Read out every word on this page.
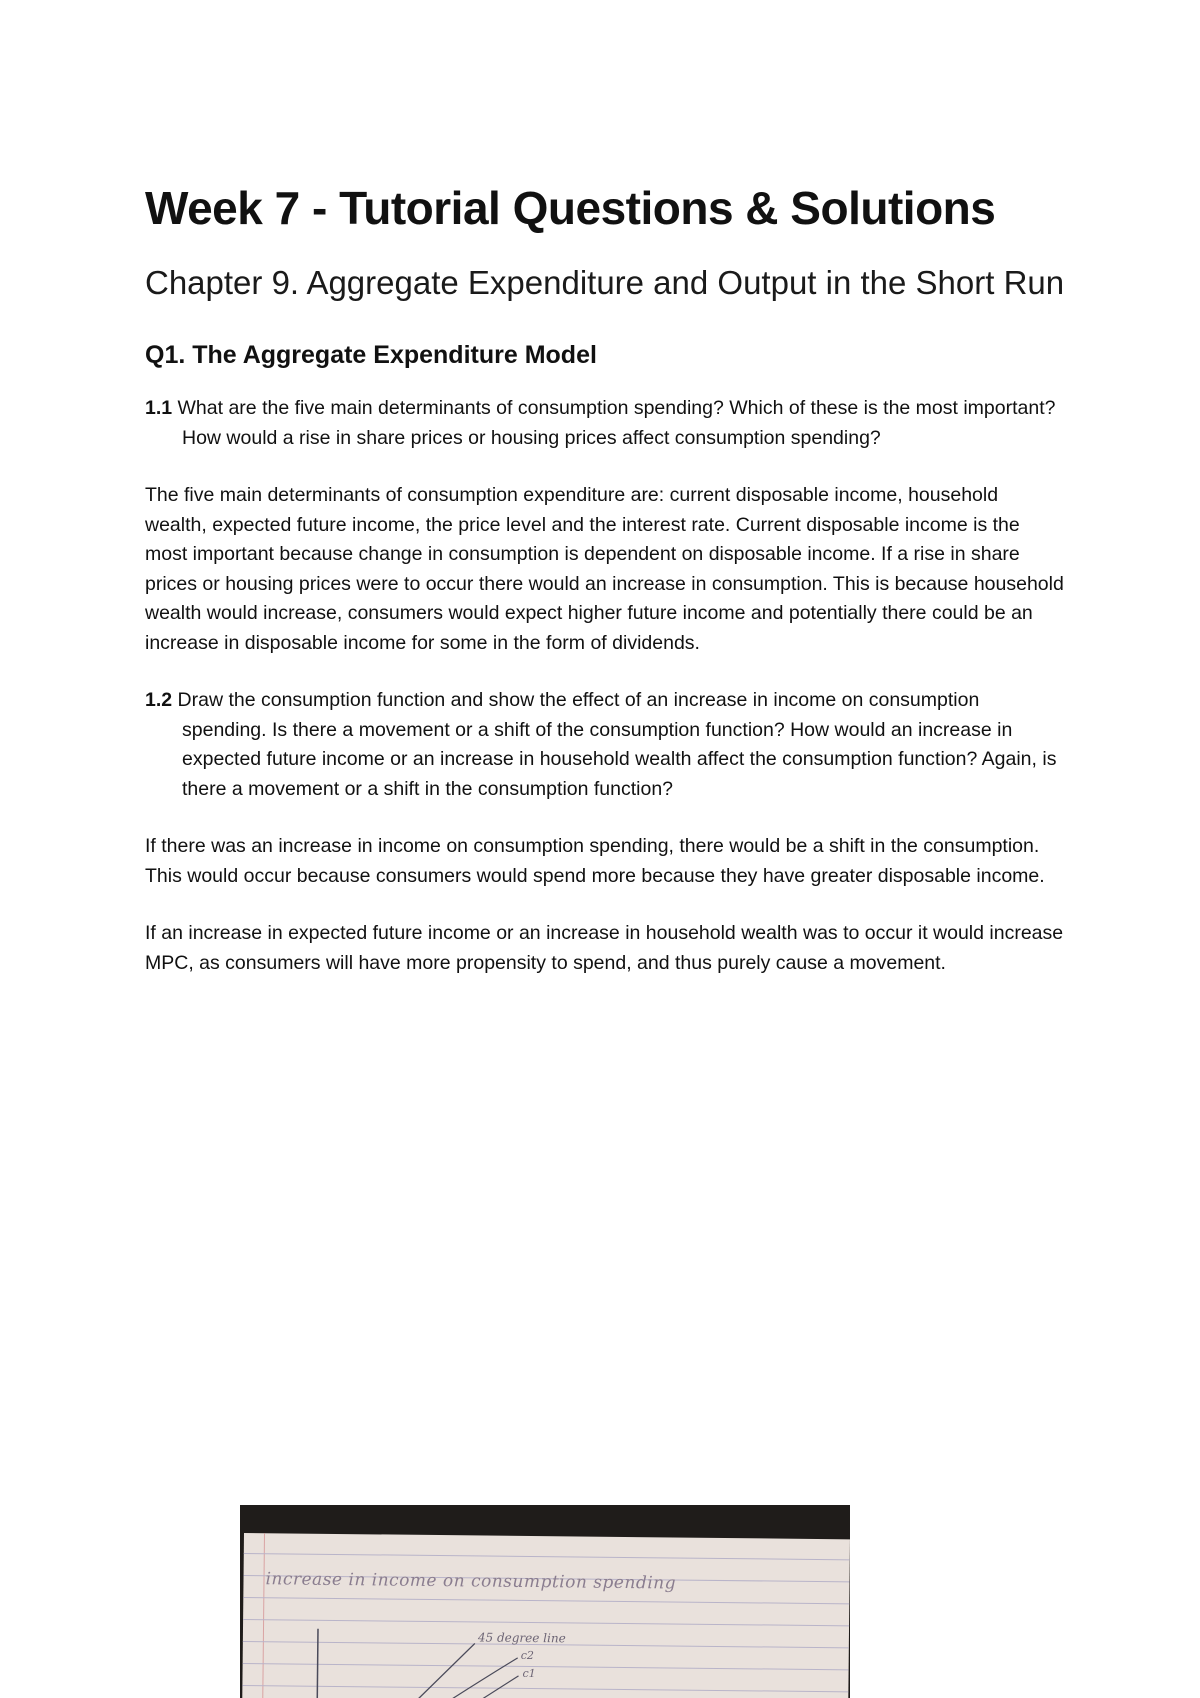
Week 7 - Tutorial Questions & Solutions
Chapter 9. Aggregate Expenditure and Output in the Short Run
Q1. The Aggregate Expenditure Model

1.1 What are the five main determinants of consumption spending? Which of these is the most important? How would a rise in share prices or housing prices affect consumption spending?

The five main determinants of consumption expenditure are: current disposable income, household wealth, expected future income, the price level and the interest rate. Current disposable income is the most important because change in consumption is dependent on disposable income. If a rise in share prices or housing prices were to occur there would an increase in consumption. This is because household wealth would increase, consumers would expect higher future income and potentially there could be an increase in disposable income for some in the form of dividends.

1.2 Draw the consumption function and show the effect of an increase in income on consumption spending. Is there a movement or a shift of the consumption function? How would an increase in expected future income or an increase in household wealth affect the consumption function? Again, is there a movement or a shift in the consumption function?

If there was an increase in income on consumption spending, there would be a shift in the consumption. This would occur because consumers would spend more because they have greater disposable income.

If an increase in expected future income or an increase in household wealth was to occur it would increase MPC, as consumers will have more propensity to spend, and thus purely cause a movement.

increase in income on consumption spending
45 degree line
c2
c1
